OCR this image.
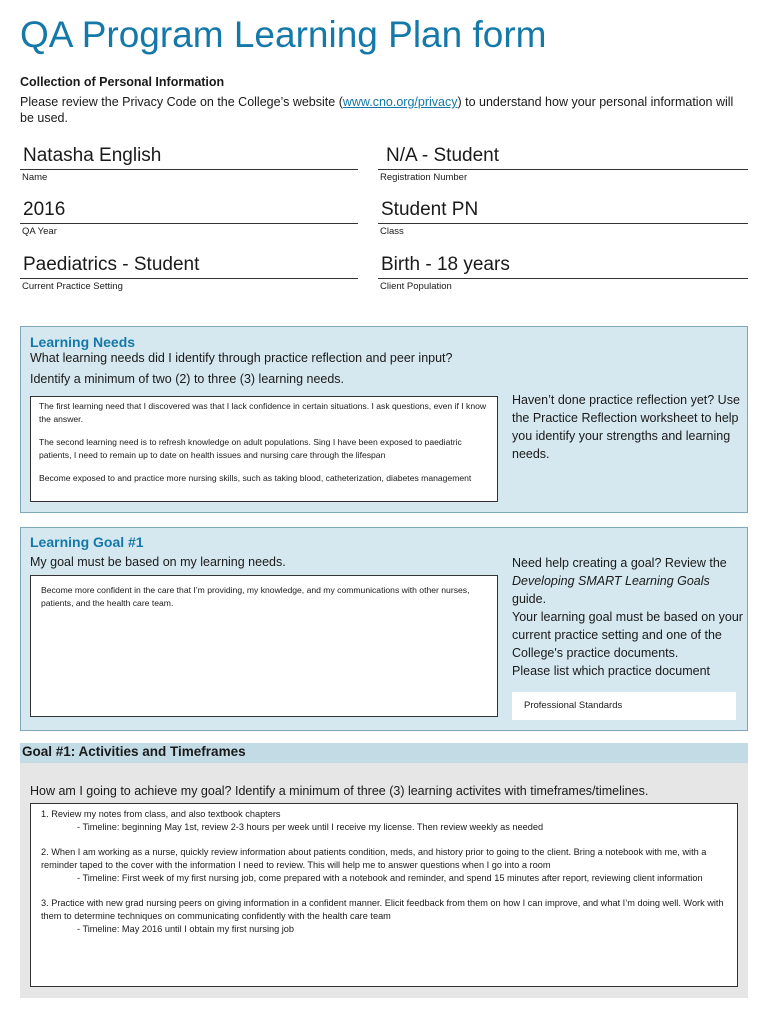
QA Program Learning Plan form
Collection of Personal Information
Please review the Privacy Code on the College’s website (www.cno.org/privacy) to understand how your personal information will be used.
Natasha English
Name
N/A - Student
Registration Number
2016
QA Year
Student PN
Class
Paediatrics - Student
Current Practice Setting
Birth - 18 years
Client Population
Learning Needs
What learning needs did I identify through practice reflection and peer input?
Identify a minimum of two (2) to three (3) learning needs.

The first learning need that I discovered was that I lack confidence in certain situations. I ask questions, even if I know the answer.

The second learning need is to refresh knowledge on adult populations. Sing I have been exposed to paediatric patients, I need to remain up to date on health issues and nursing care through the lifespan

Become exposed to and practice more nursing skills, such as taking blood, catheterization, diabetes management

Haven’t done practice reflection yet? Use the Practice Reflection worksheet to help you identify your strengths and learning needs.
Learning Goal #1
My goal must be based on my learning needs.

Become more confident in the care that I’m providing, my knowledge, and my communications with other nurses, patients, and the health care team.

Need help creating a goal? Review the
Developing SMART Learning Goals
guide.

Your learning goal must be based on your current practice setting and one of the College's practice documents.

Please list which practice document

Professional Standards
Goal #1: Activities and Timeframes
How am I going to achieve my goal? Identify a minimum of three (3) learning activites with timeframes/timelines.
1. Review my notes from class, and also textbook chapters
- Timeline: beginning May 1st, review 2-3 hours per week until I receive my license. Then review weekly as needed
2. When I am working as a nurse, quickly review information about patients condition, meds, and history prior to going to the client. Bring a notebook with me, with a reminder taped to the cover with the information I need to review. This will help me to answer questions when I go into a room
- Timeline: First week of my first nursing job, come prepared with a notebook and reminder, and spend 15 minutes after report, reviewing client information
3. Practice with new grad nursing peers on giving information in a confident manner. Elicit feedback from them on how I can improve, and what I’m doing well. Work with them to determine techniques on communicating confidently with the health care team
- Timeline: May 2016 until I obtain my first nursing job
